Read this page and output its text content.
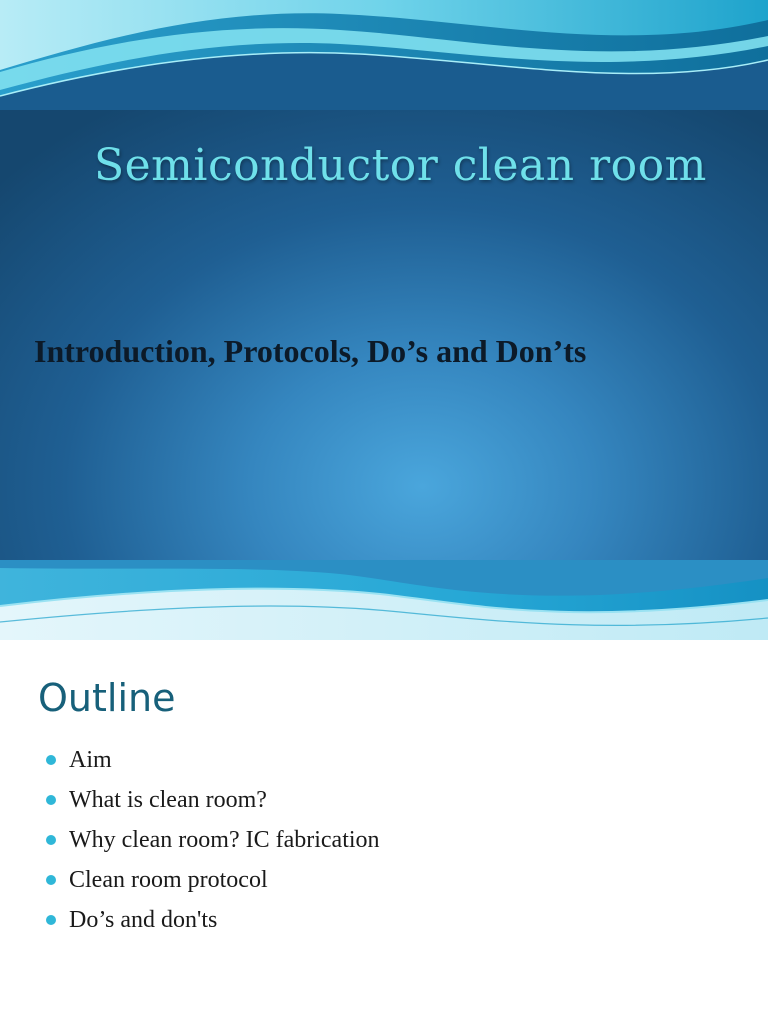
Semiconductor clean room
Introduction, Protocols, Do’s and Don’ts
Outline
Aim
What is clean room?
Why clean room? IC fabrication
Clean room protocol
Do’s and don'ts
